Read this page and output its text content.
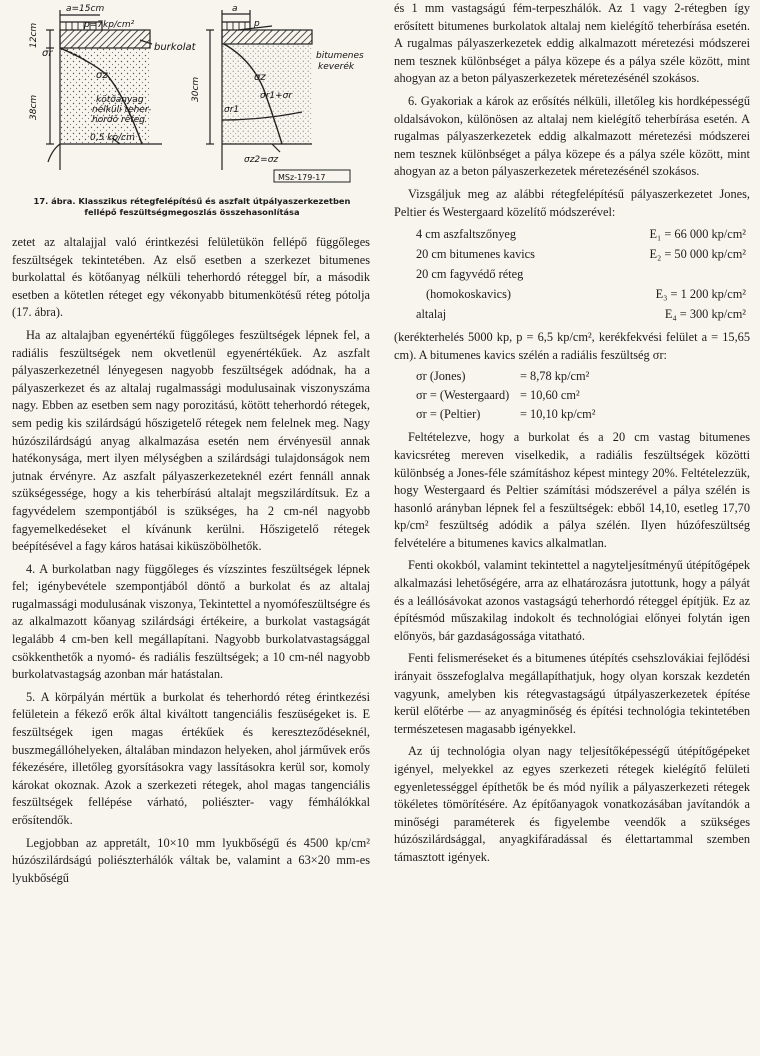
a=15cm
p=7kp/cm²
12cm
38cm
σr
σz
burkolat
kötőanyag
nélküli teher-
hordó réteg
0,5 kp/cm
a
p
30cm
σr1
σz
σr1+σr
σz2=σz
bitumenes
keverék
MSz-179-17
17. ábra. Klasszikus rétegfelépítésű és aszfalt útpályaszerkezetben
fellépő feszültségmegoszlás összehasonlítása

zetet az altalajjal való érintkezési felületükön fellépő függőleges feszültségek tekintetében. Az első esetben a szerkezet bitumenes burkolattal és kötőanyag nélküli teherhordó réteggel bír, a második esetben a kötetlen réteget egy vékonyabb bitumenkötésű réteg pótolja (17. ábra).

Ha az altalajban egyenértékű függőleges feszültségek lépnek fel, a radiális feszültségek nem okvetlenül egyenértékűek. Az aszfalt pályaszerkezetnél lényegesen nagyobb feszültségek adódnak, ha a pályaszerkezet és az altalaj rugalmassági modulusainak viszonyszáma nagy. Ebben az esetben sem nagy porozitású, kötött teherhordó rétegek, sem pedig kis szilárdságú hőszigetelő rétegek nem felelnek meg. Nagy húzószilárdságú anyag alkalmazása esetén nem érvényesül annak hatékonysága, mert ilyen mélységben a szilárdsági tulajdonságok nem jutnak érvényre. Az aszfalt pályaszerkezeteknél ezért fennáll annak szükségessége, hogy a kis teherbírású altalajt megszilárdítsuk. Ez a fagyvédelem szempontjából is szükséges, ha 2 cm-nél nagyobb fagyemelkedéseket el kívánunk kerülni. Hőszigetelő rétegek beépítésével a fagy káros hatásai kiküszöbölhetők.

4. A burkolatban nagy függőleges és vízszintes feszültségek lépnek fel; igénybevétele szempontjából döntő a burkolat és az altalaj rugalmassági modulusának viszonya, Tekintettel a nyomófeszültségre és az alkalmazott kőanyag szilárdsági értékeire, a burkolat vastagságát legalább 4 cm-ben kell megállapítani. Nagyobb burkolatvastagsággal csökkenthetők a nyomó- és radiális feszültségek; a 10 cm-nél nagyobb burkolatvastagság azonban már hatástalan.

5. A körpályán mértük a burkolat és teherhordó réteg érintkezési felületein a fékező erők által kiváltott tangenciális feszüségeket is. E feszültségek igen magas értékűek és kereszteződéseknél, buszmegállóhelyeken, általában mindazon helyeken, ahol járművek erős fékezésére, illetőleg gyorsításokra vagy lassításokra kerül sor, komoly károkat okoznak. Azok a szerkezeti rétegek, ahol magas tangenciális feszültségek fellépése várható, poliészter- vagy fémhálókkal erősítendők.

Legjobban az appretált, 10×10 mm lyukbőségű és 4500 kp/cm² húzószilárdságú poliészterhálók váltak be, valamint a 63×20 mm-es lyukbőségű

és 1 mm vastagságú fém-terpeszhálók. Az 1 vagy 2-rétegben így erősített bitumenes burkolatok altalaj nem kielégítő teherbírása esetén. A rugalmas pályaszerkezetek eddig alkalmazott méretezési módszerei nem tesznek különbséget a pálya közepe és a pálya széle között, mint ahogyan az a beton pályaszerkezetek méretezésénél szokásos.

6. Gyakoriak a károk az erősítés nélküli, illetőleg kis hordképességű oldalsávokon, különösen az altalaj nem kielégítő teherbírása esetén. A rugalmas pályaszerkezetek eddig alkalmazott méretezési módszerei nem tesznek különbséget a pálya közepe és a pálya széle között, mint ahogyan az a beton pályaszerkezetek méretezésénél szokásos.

Vizsgáljuk meg az alábbi rétegfelépítésű pályaszerkezetet Jones, Peltier és Westergaard közelítő módszerével:

4 cm aszfaltszőnyeg	E₁ = 66 000 kp/cm²
20 cm bitumenes kavics	E₂ = 50 000 kp/cm²
20 cm fagyvédő réteg
(homokoskavics)	E₃ = 1 200 kp/cm²
altalaj	E₄ = 300 kp/cm²

(kerékterhelés 5000 kp, p = 6,5 kp/cm², kerékfekvési felület a = 15,65 cm). A bitumenes kavics szélén a radiális feszültség σr:

σr (Jones)	= 8,78 kp/cm²
σr = (Westergaard) = 10,60 cm²
σr = (Peltier)	= 10,10 kp/cm²

Feltételezve, hogy a burkolat és a 20 cm vastag bitumenes kavicsréteg mereven viselkedik, a radiális feszültségek közötti különbség a Jones-féle számításhoz képest mintegy 20%. Feltételezzük, hogy Westergaard és Peltier számítási módszerével a pálya szélén is hasonló arányban lépnek fel a feszültségek: ebből 14,10, esetleg 17,70 kp/cm² feszültség adódik a pálya szélén. Ilyen húzófeszültség felvételére a bitumenes kavics alkalmatlan.

Fenti okokból, valamint tekintettel a nagyteljesítményű útépítőgépek alkalmazási lehetőségére, arra az elhatározásra jutottunk, hogy a pályát és a leállósávokat azonos vastagságú teherhordó réteggel építjük. Ez az építésmód műszakilag indokolt és technológiai előnyei folytán igen előnyös, bár gazdaságossága vitatható.

Fenti felismeréseket és a bitumenes útépítés csehszlovákiai fejlődési irányait összefoglalva megállapíthatjuk, hogy olyan korszak kezdetén vagyunk, amelyben kis rétegvastagságú útpályaszerkezetek építése kerül előtérbe — az anyagminőség és építési technológia tekintetében természetesen magasabb igényekkel.

Az új technológia olyan nagy teljesítőképességű útépítőgépeket igényel, melyekkel az egyes szerkezeti rétegek kielégítő felületi egyenletességgel építhetők be és mód nyílik a pályaszerkezeti rétegek tökéletes tömörítésére. Az építőanyagok vonatkozásában javítandók a minőségi paraméterek és figyelembe veendők a szükséges húzószilárdsággal, anyagkifáradással és élettartammal szemben támasztott igények.
